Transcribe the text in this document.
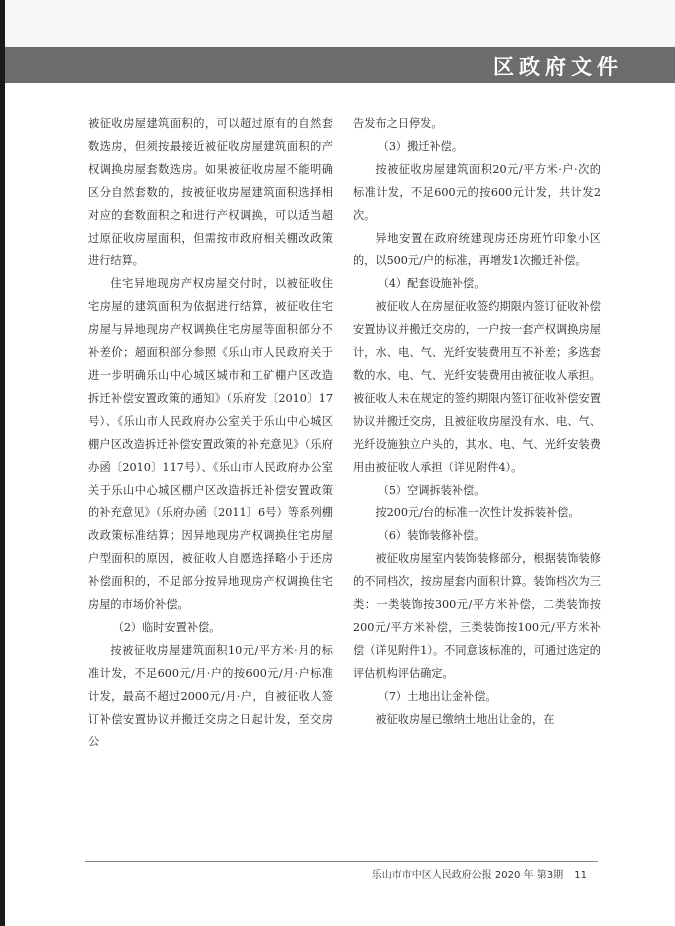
区政府文件

被征收房屋建筑面积的，可以超过原有的自然套数选房，但须按最接近被征收房屋建筑面积的产权调换房屋套数选房。如果被征收房屋不能明确区分自然套数的，按被征收房屋建筑面积选择相对应的套数面积之和进行产权调换，可以适当超过原征收房屋面积，但需按市政府相关棚改政策进行结算。

住宅异地现房产权房屋交付时，以被征收住宅房屋的建筑面积为依据进行结算，被征收住宅房屋与异地现房产权调换住宅房屋等面积部分不补差价；超面积部分参照《乐山市人民政府关于进一步明确乐山中心城区城市和工矿棚户区改造拆迁补偿安置政策的通知》（乐府发〔2010〕17号）、《乐山市人民政府办公室关于乐山中心城区棚户区改造拆迁补偿安置政策的补充意见》（乐府办函〔2010〕117号）、《乐山市人民政府办公室关于乐山中心城区棚户区改造拆迁补偿安置政策的补充意见》（乐府办函〔2011〕6号）等系列棚改政策标准结算；因异地现房产权调换住宅房屋户型面积的原因，被征收人自愿选择略小于还房补偿面积的，不足部分按异地现房产权调换住宅房屋的市场价补偿。

（2）临时安置补偿。

按被征收房屋建筑面积10元/平方米·月的标准计发，不足600元/月·户的按600元/月·户标准计发，最高不超过2000元/月·户，自被征收人签订补偿安置协议并搬迁交房之日起计发，至交房公

告发布之日停发。

（3）搬迁补偿。

按被征收房屋建筑面积20元/平方米·户·次的标准计发，不足600元的按600元计发，共计发2次。

异地安置在政府统建现房还房班竹印象小区的，以500元/户的标准，再增发1次搬迁补偿。

（4）配套设施补偿。

被征收人在房屋征收签约期限内签订征收补偿安置协议并搬迁交房的，一户按一套产权调换房屋计，水、电、气、光纤安装费用互不补差；多选套数的水、电、气、光纤安装费用由被征收人承担。被征收人未在规定的签约期限内签订征收补偿安置协议并搬迁交房，且被征收房屋没有水、电、气、光纤设施独立户头的，其水、电、气、光纤安装费用由被征收人承担（详见附件4）。

（5）空调拆装补偿。

按200元/台的标准一次性计发拆装补偿。

（6）装饰装修补偿。

被征收房屋室内装饰装修部分，根据装饰装修的不同档次，按房屋套内面积计算。装饰档次为三类：一类装饰按300元/平方米补偿，二类装饰按200元/平方米补偿，三类装饰按100元/平方米补偿（详见附件1）。不同意该标准的，可通过选定的评估机构评估确定。

（7）土地出让金补偿。

被征收房屋已缴纳土地出让金的，在

乐山市市中区人民政府公报 2020 年 第3期 11
